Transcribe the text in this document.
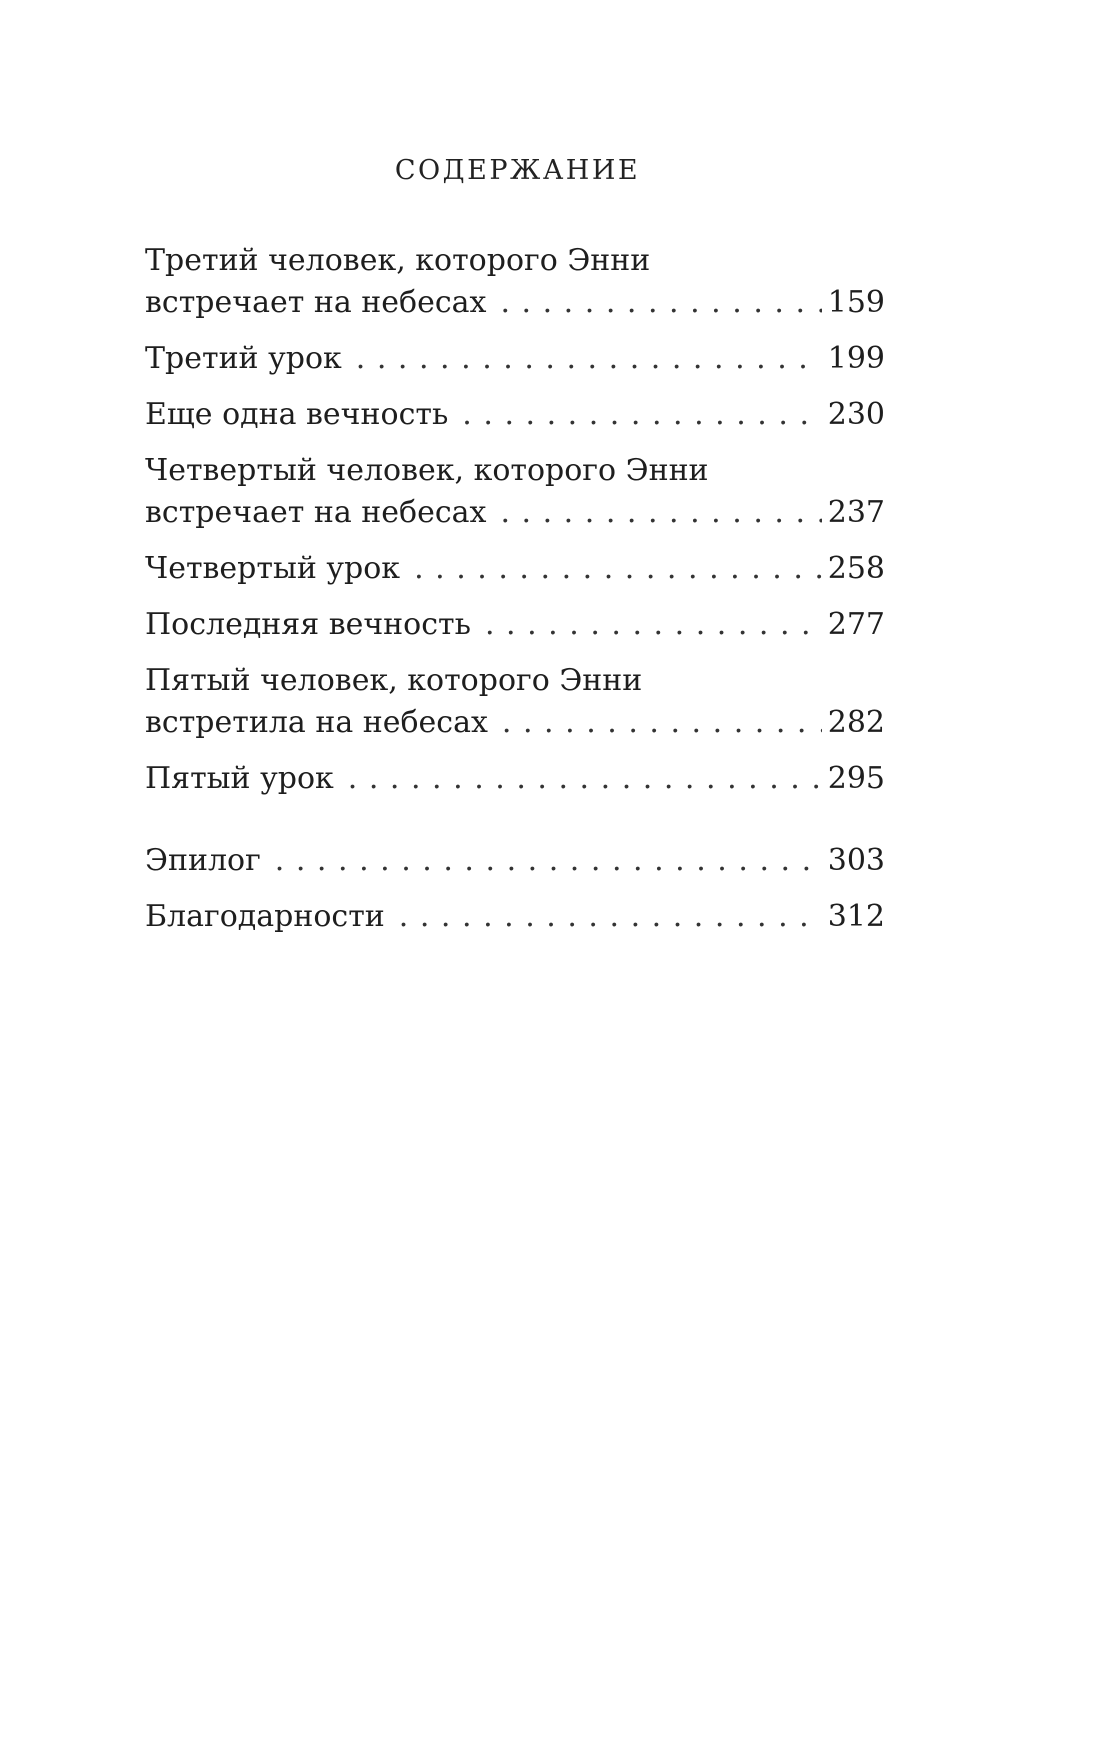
СОДЕРЖАНИЕ
Третий человек, которого Энни
встречает на небесах . . .	159
Третий урок . . .	199
Еще одна вечность . . .	230
Четвертый человек, которого Энни
встречает на небесах . . .	237
Четвертый урок . . .	258
Последняя вечность . . .	277
Пятый человек, которого Энни
встретила на небесах . . .	282
Пятый урок . . .	295
Эпилог . . .	303
Благодарности . . .	312
